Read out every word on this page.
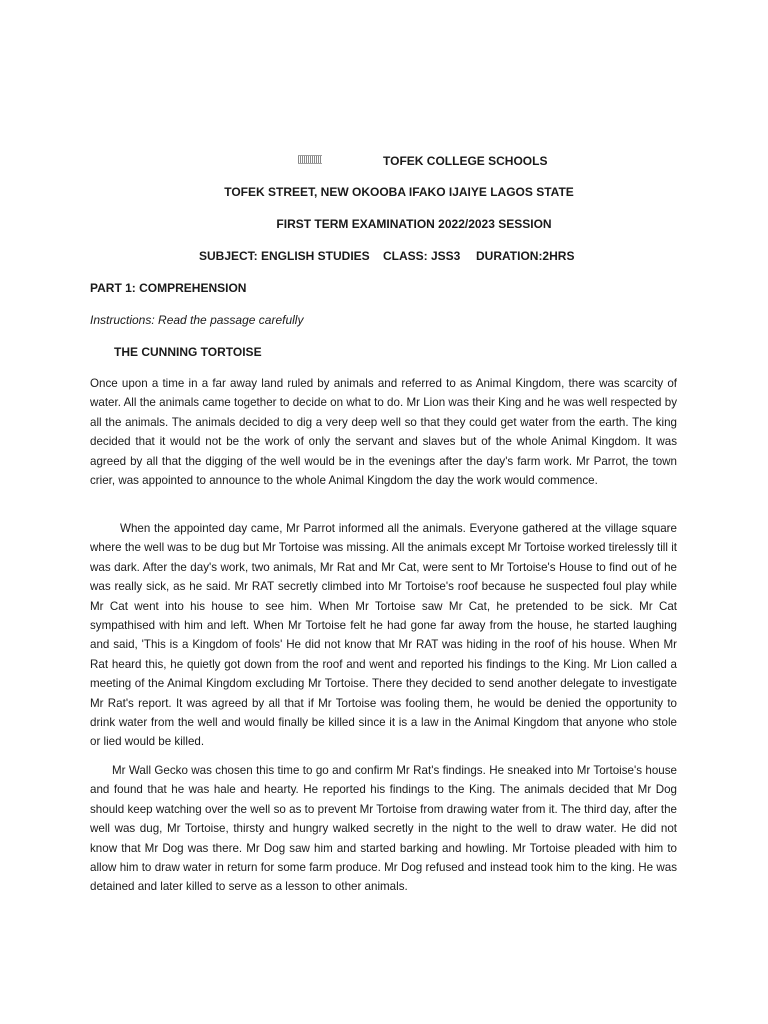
TOFEK COLLEGE SCHOOLS
TOFEK STREET, NEW OKOOBA IFAKO IJAIYE LAGOS STATE
FIRST TERM EXAMINATION 2022/2023 SESSION
SUBJECT: ENGLISH STUDIES CLASS: JSS3 DURATION:2HRS
PART 1: COMPREHENSION
Instructions: Read the passage carefully
THE CUNNING TORTOISE

Once upon a time in a far away land ruled by animals and referred to as Animal Kingdom, there was scarcity of water. All the animals came together to decide on what to do. Mr Lion was their King and he was well respected by all the animals. The animals decided to dig a very deep well so that they could get water from the earth. The king decided that it would not be the work of only the servant and slaves but of the whole Animal Kingdom. It was agreed by all that the digging of the well would be in the evenings after the day's farm work. Mr Parrot, the town crier, was appointed to announce to the whole Animal Kingdom the day the work would commence.

When the appointed day came, Mr Parrot informed all the animals. Everyone gathered at the village square where the well was to be dug but Mr Tortoise was missing. All the animals except Mr Tortoise worked tirelessly till it was dark. After the day's work, two animals, Mr Rat and Mr Cat, were sent to Mr Tortoise's House to find out of he was really sick, as he said. Mr RAT secretly climbed into Mr Tortoise's roof because he suspected foul play while Mr Cat went into his house to see him. When Mr Tortoise saw Mr Cat, he pretended to be sick. Mr Cat sympathised with him and left. When Mr Tortoise felt he had gone far away from the house, he started laughing and said, 'This is a Kingdom of fools' He did not know that Mr RAT was hiding in the roof of his house. When Mr Rat heard this, he quietly got down from the roof and went and reported his findings to the King. Mr Lion called a meeting of the Animal Kingdom excluding Mr Tortoise. There they decided to send another delegate to investigate Mr Rat's report. It was agreed by all that if Mr Tortoise was fooling them, he would be denied the opportunity to drink water from the well and would finally be killed since it is a law in the Animal Kingdom that anyone who stole or lied would be killed.

Mr Wall Gecko was chosen this time to go and confirm Mr Rat's findings. He sneaked into Mr Tortoise's house and found that he was hale and hearty. He reported his findings to the King. The animals decided that Mr Dog should keep watching over the well so as to prevent Mr Tortoise from drawing water from it. The third day, after the well was dug, Mr Tortoise, thirsty and hungry walked secretly in the night to the well to draw water. He did not know that Mr Dog was there. Mr Dog saw him and started barking and howling. Mr Tortoise pleaded with him to allow him to draw water in return for some farm produce. Mr Dog refused and instead took him to the king. He was detained and later killed to serve as a lesson to other animals.
